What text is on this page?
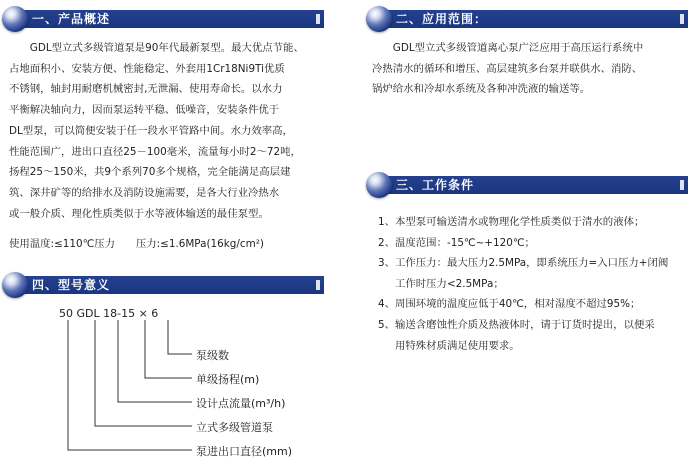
一、产品概述
GDL型立式多级管道泵是90年代最新泵型。最大优点节能、
占地面积小、安装方便、性能稳定、外套用1Cr18Ni9Ti优质
不锈钢，轴封用耐磨机械密封,无泄漏、使用寿命长。以水力
平衡解决轴向力，因而泵运转平稳、低噪音，安装条件优于
DL型泵，可以简便安装于任一段水平管路中间。水力效率高，
性能范围广，进出口直径25－100毫米，流量每小时2～72吨，
扬程25～150米，共9个系列70多个规格，完全能满足高层建
筑、深井矿等的给排水及消防设施需要，是各大行业冷热水
或一般介质、理化性质类似于水等液体输送的最佳泵型。
使用温度:≤110℃压力　　压力:≤1.6MPa(16kg/cm²)
二、应用范围：
GDL型立式多级管道离心泵广泛应用于高压运行系统中
冷热清水的循环和增压、高层建筑多台泵并联供水、消防、
锅炉给水和冷却水系统及各种冲洗液的输送等。
三、工作条件
1、本型泵可输送清水或物理化学性质类似于清水的液体；
2、温度范围：-15℃~+120℃；
3、工作压力：最大压力2.5MPa，即系统压力=入口压力+闭阀
工作时压力<2.5MPa；
4、周围环境的温度应低于40℃，相对湿度不超过95%；
5、输送含磨蚀性介质及热液体时，请于订货时提出，以便采
用特殊材质满足使用要求。
四、型号意义
50 GDL 18-15 × 6
泵级数
单级扬程(m)
设计点流量(m³/h)
立式多级管道泵
泵进出口直径(mm)
